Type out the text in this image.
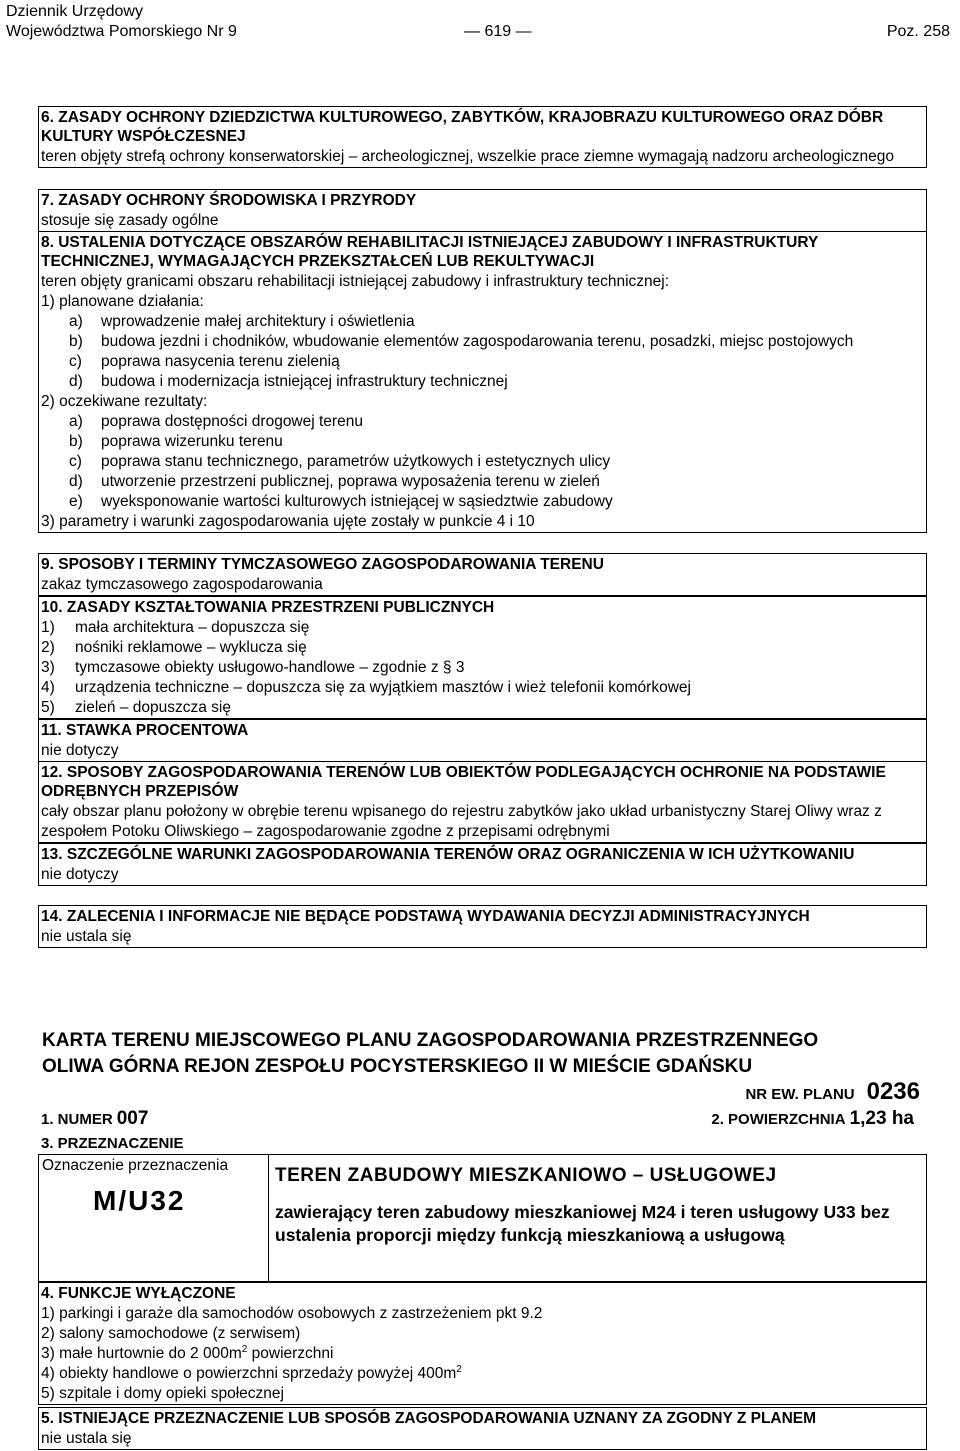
Dziennik Urzędowy
Województwa Pomorskiego Nr 9	— 619 —	Poz. 258
6. ZASADY OCHRONY DZIEDZICTWA KULTUROWEGO, ZABYTKÓW, KRAJOBRAZU KULTUROWEGO ORAZ DÓBR KULTURY WSPÓŁCZESNEJ
teren objęty strefą ochrony konserwatorskiej – archeologicznej, wszelkie prace ziemne wymagają nadzoru archeologicznego
7. ZASADY OCHRONY ŚRODOWISKA I PRZYRODY
stosuje się zasady ogólne
8. USTALENIA DOTYCZĄCE OBSZARÓW REHABILITACJI ISTNIEJĄCEJ ZABUDOWY I INFRASTRUKTURY TECHNICZNEJ, WYMAGAJĄCYCH PRZEKSZTAŁCEŃ LUB REKULTYWACJI
teren objęty granicami obszaru rehabilitacji istniejącej zabudowy i infrastruktury technicznej:
1) planowane działania:
a) wprowadzenie małej architektury i oświetlenia
b) budowa jezdni i chodników, wbudowanie elementów zagospodarowania terenu, posadzki, miejsc postojowych
c) poprawa nasycenia terenu zielenią
d) budowa i modernizacja istniejącej infrastruktury technicznej
2) oczekiwane rezultaty:
a) poprawa dostępności drogowej terenu
b) poprawa wizerunku terenu
c) poprawa stanu technicznego, parametrów użytkowych i estetycznych ulicy
d) utworzenie przestrzeni publicznej, poprawa wyposażenia terenu w zieleń
e) wyeksponowanie wartości kulturowych istniejącej w sąsiedztwie zabudowy
3) parametry i warunki zagospodarowania ujęte zostały w punkcie 4 i 10
9. SPOSOBY I TERMINY TYMCZASOWEGO ZAGOSPODAROWANIA TERENU
zakaz tymczasowego zagospodarowania
10. ZASADY KSZTAŁTOWANIA PRZESTRZENI PUBLICZNYCH
1) mała architektura – dopuszcza się
2) nośniki reklamowe – wyklucza się
3) tymczasowe obiekty usługowo-handlowe – zgodnie z § 3
4) urządzenia techniczne – dopuszcza się za wyjątkiem masztów i wież telefonii komórkowej
5) zieleń – dopuszcza się
11. STAWKA PROCENTOWA
nie dotyczy
12. SPOSOBY ZAGOSPODAROWANIA TERENÓW LUB OBIEKTÓW PODLEGAJĄCYCH OCHRONIE NA PODSTAWIE ODRĘBNYCH PRZEPISÓW
cały obszar planu położony w obrębie terenu wpisanego do rejestru zabytków jako układ urbanistyczny Starej Oliwy wraz z zespołem Potoku Oliwskiego – zagospodarowanie zgodne z przepisami odrębnymi
13. SZCZEGÓLNE WARUNKI ZAGOSPODAROWANIA TERENÓW ORAZ OGRANICZENIA W ICH UŻYTKOWANIU
nie dotyczy
14. ZALECENIA I INFORMACJE NIE BĘDĄCE PODSTAWĄ WYDAWANIA DECYZJI ADMINISTRACYJNYCH
nie ustala się
KARTA TERENU MIEJSCOWEGO PLANU ZAGOSPODAROWANIA PRZESTRZENNEGO
OLIWA GÓRNA REJON ZESPOŁU POCYSTERSKIEGO II W MIEŚCIE GDAŃSKU
NR EW. PLANU 0236
1. NUMER 007	2. POWIERZCHNIA 1,23 ha
3. PRZEZNACZENIE
Oznaczenie przeznaczenia
M/U32
TEREN ZABUDOWY MIESZKANIOWO – USŁUGOWEJ
zawierający teren zabudowy mieszkaniowej M24 i teren usługowy U33 bez ustalenia proporcji między funkcją mieszkaniową a usługową
4. FUNKCJE WYŁĄCZONE
1) parkingi i garaże dla samochodów osobowych z zastrzeżeniem pkt 9.2
2) salony samochodowe (z serwisem)
3) małe hurtownie do 2 $000m^2$ powierzchni
4) obiekty handlowe o powierzchni sprzedaży powyżej $400m^2$
5) szpitale i domy opieki społecznej
5. ISTNIEJĄCE PRZEZNACZENIE LUB SPOSÓB ZAGOSPODAROWANIA UZNANY ZA ZGODNY Z PLANEM
nie ustala się
